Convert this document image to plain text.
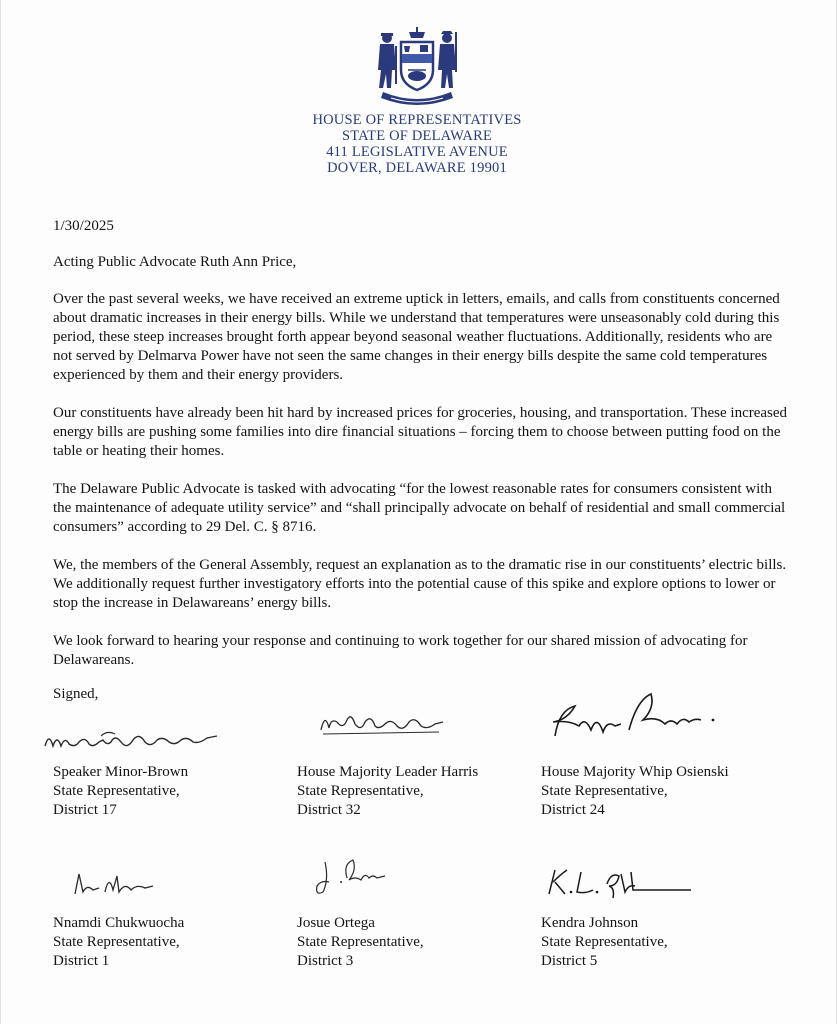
HOUSE OF REPRESENTATIVES
STATE OF DELAWARE
411 LEGISLATIVE AVENUE
DOVER, DELAWARE 19901
1/30/2025
Acting Public Advocate Ruth Ann Price,

Over the past several weeks, we have received an extreme uptick in letters, emails, and calls from constituents concerned about dramatic increases in their energy bills. While we understand that temperatures were unseasonably cold during this period, these steep increases brought forth appear beyond seasonal weather fluctuations. Additionally, residents who are not served by Delmarva Power have not seen the same changes in their energy bills despite the same cold temperatures experienced by them and their energy providers.

Our constituents have already been hit hard by increased prices for groceries, housing, and transportation. These increased energy bills are pushing some families into dire financial situations – forcing them to choose between putting food on the table or heating their homes.

The Delaware Public Advocate is tasked with advocating “for the lowest reasonable rates for consumers consistent with the maintenance of adequate utility service” and “shall principally advocate on behalf of residential and small commercial consumers” according to 29 Del. C. § 8716.

We, the members of the General Assembly, request an explanation as to the dramatic rise in our constituents’ electric bills. We additionally request further investigatory efforts into the potential cause of this spike and explore options to lower or stop the increase in Delawareans’ energy bills.

We look forward to hearing your response and continuing to work together for our shared mission of advocating for Delawareans.

Signed,
Speaker Minor-Brown
State Representative,
District 17
House Majority Leader Harris
State Representative,
District 32
House Majority Whip Osienski
State Representative,
District 24
Nnamdi Chukwuocha
State Representative,
District 1
Josue Ortega
State Representative,
District 3
Kendra Johnson
State Representative,
District 5
